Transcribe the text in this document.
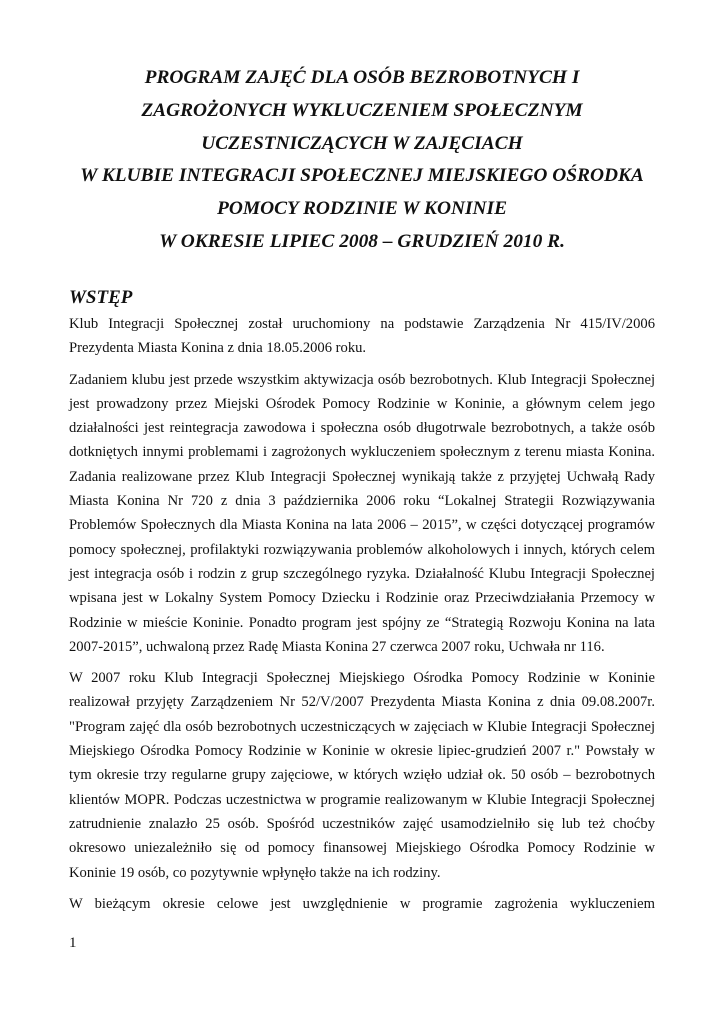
PROGRAM ZAJĘĆ DLA OSÓB BEZROBOTNYCH I
ZAGROŻONYCH WYKLUCZENIEM SPOŁECZNYM
UCZESTNICZĄCYCH W ZAJĘCIACH
W KLUBIE INTEGRACJI SPOŁECZNEJ MIEJSKIEGO OŚRODKA
POMOCY RODZINIE W KONINIE
W OKRESIE LIPIEC 2008 – GRUDZIEŃ 2010 R.
WSTĘP
Klub Integracji Społecznej został uruchomiony na podstawie Zarządzenia Nr 415/IV/2006
Prezydenta Miasta Konina z dnia 18.05.2006 roku.
Zadaniem klubu jest przede wszystkim aktywizacja osób bezrobotnych. Klub Integracji Społecznej
jest prowadzony przez Miejski Ośrodek Pomocy Rodzinie w Koninie, a głównym celem jego
działalności jest reintegracja zawodowa i społeczna osób długotrwale bezrobotnych, a także osób
dotkniętych innymi problemami i zagrożonych wykluczeniem społecznym z terenu miasta Konina.
Zadania realizowane przez Klub Integracji Społecznej wynikają także z przyjętej Uchwałą Rady
Miasta Konina Nr 720 z dnia 3 października 2006 roku “Lokalnej Strategii Rozwiązywania
Problemów Społecznych dla Miasta Konina na lata 2006 – 2015”, w części dotyczącej programów
pomocy społecznej, profilaktyki rozwiązywania problemów alkoholowych i innych, których celem
jest integracja osób i rodzin z grup szczególnego ryzyka. Działalność Klubu Integracji Społecznej
wpisana jest w Lokalny System Pomocy Dziecku i Rodzinie oraz Przeciwdziałania Przemocy w
Rodzinie w mieście Koninie. Ponadto program jest spójny ze “Strategią Rozwoju Konina na lata
2007-2015”, uchwaloną przez Radę Miasta Konina 27 czerwca 2007 roku, Uchwała nr 116.
W 2007 roku Klub Integracji Społecznej Miejskiego Ośrodka Pomocy Rodzinie w Koninie
realizował przyjęty Zarządzeniem Nr 52/V/2007 Prezydenta Miasta Konina z dnia 09.08.2007r.
"Program zajęć dla osób bezrobotnych uczestniczących w zajęciach w Klubie Integracji Społecznej
Miejskiego Ośrodka Pomocy Rodzinie w Koninie w okresie lipiec-grudzień 2007 r." Powstały w
tym okresie trzy regularne grupy zajęciowe, w których wzięło udział ok. 50 osób – bezrobotnych
klientów MOPR. Podczas uczestnictwa w programie realizowanym w Klubie Integracji Społecznej
zatrudnienie znalazło 25 osób. Spośród uczestników zajęć usamodzielniło się lub też choćby
okresowo uniezależniło się od pomocy finansowej Miejskiego Ośrodka Pomocy Rodzinie w
Koninie 19 osób, co pozytywnie wpłynęło także na ich rodziny.
W bieżącym okresie celowe jest uwzględnienie w programie zagrożenia wykluczeniem
1
